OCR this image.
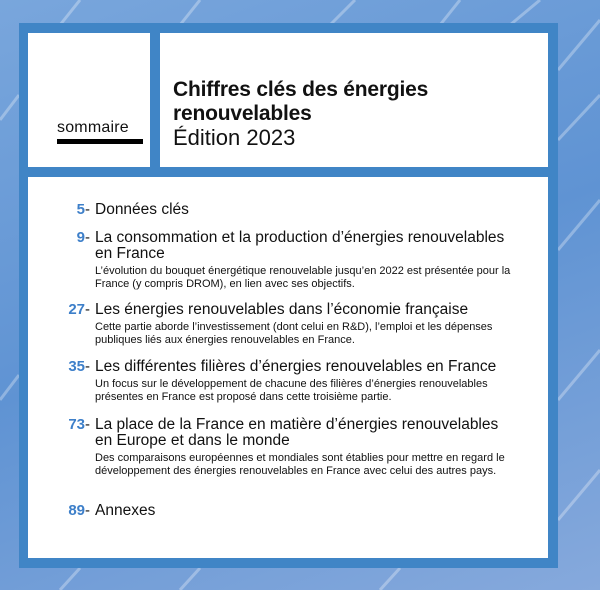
sommaire
Chiffres clés des énergies renouvelables
Édition 2023
5 - Données clés
9 - La consommation et la production d’énergies renouvelables en France
L’évolution du bouquet énergétique renouvelable jusqu’en 2022 est présentée pour la France (y compris DROM), en lien avec ses objectifs.
27 - Les énergies renouvelables dans l’économie française
Cette partie aborde l’investissement (dont celui en R&D), l’emploi et les dépenses publiques liés aux énergies renouvelables en France.
35 - Les différentes filières d’énergies renouvelables en France
Un focus sur le développement de chacune des filières d’énergies renouvelables présentes en France est proposé dans cette troisième partie.
73 - La place de la France en matière d’énergies renouvelables en Europe et dans le monde
Des comparaisons européennes et mondiales sont établies pour mettre en regard le développement des énergies renouvelables en France avec celui des autres pays.
89 - Annexes
